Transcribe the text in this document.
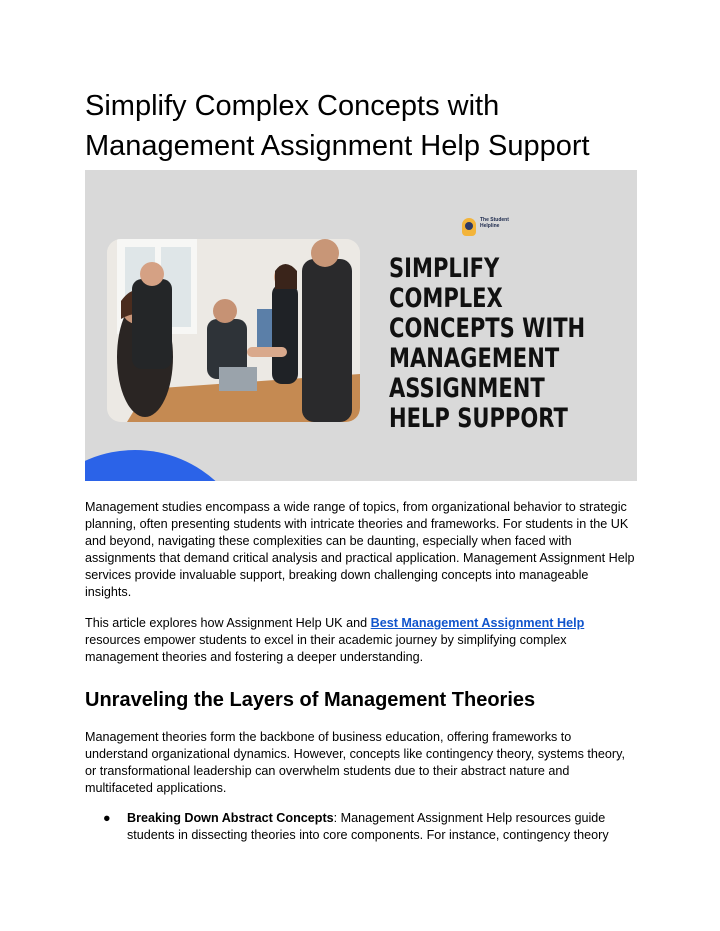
Simplify Complex Concepts with Management Assignment Help Support
The Student Helpline
SIMPLIFY
COMPLEX
CONCEPTS WITH
MANAGEMENT
ASSIGNMENT
HELP SUPPORT

Management studies encompass a wide range of topics, from organizational behavior to strategic planning, often presenting students with intricate theories and frameworks. For students in the UK and beyond, navigating these complexities can be daunting, especially when faced with assignments that demand critical analysis and practical application. Management Assignment Help services provide invaluable support, breaking down challenging concepts into manageable insights.

This article explores how Assignment Help UK and Best Management Assignment Help resources empower students to excel in their academic journey by simplifying complex management theories and fostering a deeper understanding.

Unraveling the Layers of Management Theories

Management theories form the backbone of business education, offering frameworks to understand organizational dynamics. However, concepts like contingency theory, systems theory, or transformational leadership can overwhelm students due to their abstract nature and multifaceted applications.

● Breaking Down Abstract Concepts: Management Assignment Help resources guide students in dissecting theories into core components. For instance, contingency theory
